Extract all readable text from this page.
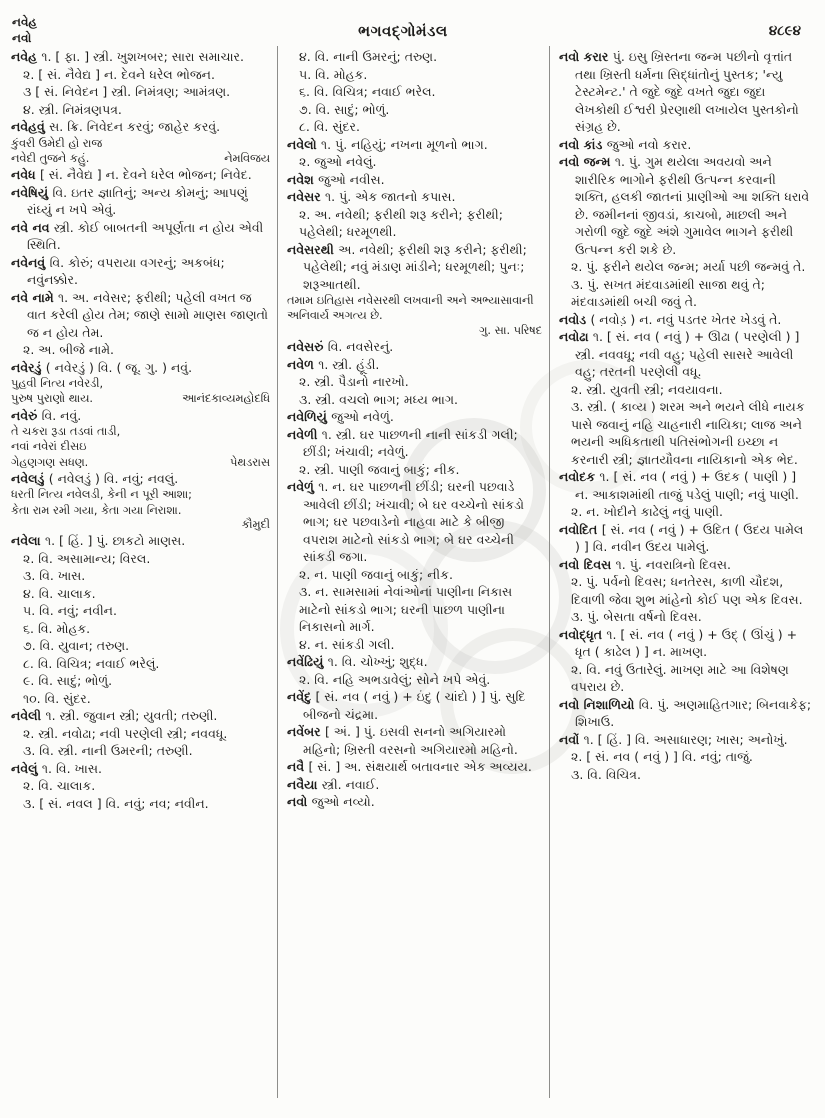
નવેહ
નવો	ભગવદ્ગોમંડલ	૪૮૯૪

નવેહ ૧. [ ફા. ] સ્ત્રી. ખુશખબર; સારા સમાચાર.

૨. [ સં. નૈવેદ્ય ] ન. દેવને ધરેલ ભોજન.

૩ [ સં. નિવેદન ] સ્ત્રી. નિમંત્રણ; આમંત્રણ.

૪. સ્ત્રી. નિમંત્રણપત્ર.

નવેહવું સ. ક્રિ. નિવેદન કરવું; જાહેર કરવું.

કુંવરી ઉમેદી હો રાજ

નવેદી તુજને કહું.	નેમવિજય

નવેધ [ સં. નૈવેદ્ય ] ન. દેવને ધરેલ ભોજન; નિવેદ.

નવેષિયું વિ. ઇતર જ્ઞાતિનું; અન્ય કોમનું; આપણું રાંધ્યું ન ખપે એવું.

નવે નવ સ્ત્રી. કોઈ બાબતની અપૂર્ણતા ન હોય એવી સ્થિતિ.

નવેનવું વિ. કોરું; વપરાયા વગરનું; અકબંધ; નવુંનક્કોર.

નવે નામે ૧. અ. નવેસર; ફરીથી; પહેલી વખત જ વાત કરેલી હોય તેમ; જાણે સામો માણસ જાણતો જ ન હોય તેમ.

૨. અ. બીજે નામે.

નવેરડું ( નવેરડું ) વિ. ( જૂ. ગુ. ) નવું.

પુહવી નિત્ય નવેરડી,

પુરુષ પુરાણો થાય.	આનંદકાવ્યમહોદધિ

નવેરું વિ. નવું.

તે ચકરા રૂડા તડવાં તાડી,

નવાં નવેરાં દીસઇ

ગેહણગણ સધણ.	પેથડરાસ

નવેલડું ( નવેલડું ) વિ. નવું; નવલું.

ધરતી નિત્ય નવેલડી, કેની ન પૂરી આશા;

કેતા રામ રમી ગયા, કેતા ગયા નિરાશા.

કૌમુદી

નવેલા ૧. [ હિં. ] પું. છાકટો માણસ.

૨. વિ. અસામાન્ય; વિરલ.

૩. વિ. ખાસ.

૪. વિ. ચાલાક.

૫. વિ. નવું; નવીન.

૬. વિ. મોહક.

૭. વિ. યુવાન; તરુણ.

૮. વિ. વિચિત્ર; નવાઈ ભરેલું.

૯. વિ. સાદું; ભોળું.

૧૦. વિ. સુંદર.

નવેલી ૧. સ્ત્રી. જુવાન સ્ત્રી; યુવતી; તરુણી.

૨. સ્ત્રી. નવોઢા; નવી પરણેલી સ્ત્રી; નવવધૂ.

૩. વિ. સ્ત્રી. નાની ઉમરની; તરુણી.

નવેલું ૧. વિ. ખાસ.

૨. વિ. ચાલાક.

૩. [ સં. નવલ ] વિ. નવું; નવ; નવીન.

૪. વિ. નાની ઉમરનું; તરુણ.

૫. વિ. મોહક.

૬. વિ. વિચિત્ર; નવાઈ ભરેલ.

૭. વિ. સાદું; ભોળું.

૮. વિ. સુંદર.

નવેલો ૧. પું. નહિયું; નખના મૂળનો ભાગ.

૨. જુઓ નવેલું.

નવેશ જુઓ નવીસ.

નવેસર ૧. પું. એક જાતનો કપાસ.

૨. અ. નવેથી; ફરીથી શરૂ કરીને; ફરીથી; પહેલેથી; ધરમૂળથી.

નવેસરથી અ. નવેથી; ફરીથી શરૂ કરીને; ફરીથી; પહેલેથી; નવું મંડાણ માંડીને; ધરમૂળથી; પુનઃ; શરૂઆતથી.

તમામ ઇતિહાસ નવેસરથી લખવાની અને અભ્યાસાવાની અનિવાર્ય અગત્ય છે.

ગુ. સા. પરિષદ

નવેસરું વિ. નવસેરનું.

નવેળ ૧. સ્ત્રી. હૂંડી.

૨. સ્ત્રી. પૈડાનો નારખો.

૩. સ્ત્રી. વચલો ભાગ; મધ્ય ભાગ.

નવેળિયું જુઓ નવેળું.

નવેળી ૧. સ્ત્રી. ઘર પાછળની નાની સાંકડી ગલી; છીંડી; ખંચાવી; નવેળું.

૨. સ્ત્રી. પાણી જવાનું બાકું; નીક.

નવેળું ૧. ન. ઘર પાછળની છીંડી; ઘરની પછવાડે આવેલી છીંડી; ખંચાવી; બે ઘર વચ્ચેનો સાંકડો ભાગ; ઘર પછવાડેનો નાહવા માટે કે બીજી વપરાશ માટેનો સાંકડો ભાગ; બે ઘર વચ્ચેની સાંકડી જગા.

૨. ન. પાણી જવાનું બાકું; નીક.

૩. ન. સામસામાં નેવાંઓનાં પાણીના નિકાસ માટેનો સાંકડો ભાગ; ઘરની પાછળ પાણીના નિકાસનો માર્ગ.

૪. ન. સાંકડી ગલી.

નવેંઢિયું ૧. વિ. ચોખ્ખું; શુદ્ધ.

૨. વિ. નહિ અભડાવેલું; સોને ખપે એવું.

નવેંદુ [ સં. નવ ( નવું ) + ઇંદુ ( ચાંદો ) ] પું. સુદિ બીજનો ચંદ્રમા.

નવેંબર [ અં. ] પું. ઇસવી સનનો અગિયારમો મહિનો; ખ્રિસ્તી વરસનો અગિયારમો મહિનો.

નવૈ [ સં. ] અ. સંક્ષયાર્થ બતાવનાર એક અવ્યય.

નવૈયા સ્ત્રી. નવાઈ.

નવો જુઓ નવ્યો.

નવો કરાર પું. ઇસુ ખ્રિસ્તના જન્મ પછીનો વૃત્તાંત તથા ખ્રિસ્તી ધર્મના સિદ્ધાંતોનું પુસ્તક; 'ન્યુ ટેસ્ટમેન્ટ.' તે જુદે જુદે વખતે જુદા જુદા લેખકોથી ઈશ્વરી પ્રેરણાથી લખાયેલ પુસ્તકોનો સંગ્રહ છે.

નવો કાંડ જુઓ નવો કરાર.

નવો જન્મ ૧. પું. ગુમ થયેલા અવયવો અને શારીરિક ભાગોને ફરીથી ઉત્પન્ન કરવાની શક્તિ, હલકી જાતનાં પ્રાણીઓ આ શક્તિ ધરાવે છે. જમીનનાં જીવડાં, કાચબો, માછલી અને ગરોળી જુદે જુદે અંશે ગુમાવેલ ભાગને ફરીથી ઉત્પન્ન કરી શકે છે.

૨. પું. ફરીને થયેલ જન્મ; મર્યા પછી જન્મવું તે.

૩. પું. સખત મંદવાડમાંથી સાજા થવું તે; મંદવાડમાંથી બચી જવું તે.

નવોડ ( નવોડ઼ ) ન. નવું પડતર ખેતર ખેડવું તે.

નવોઢા ૧. [ સં. નવ ( નવું ) + ઊઢા ( પરણેલી ) ] સ્ત્રી. નવવધૂ; નવી વહુ; પહેલી સાસરે આવેલી વહુ; તરતની પરણેલી વધૂ.

૨. સ્ત્રી. યુવતી સ્ત્રી; નવયાવના.

૩. સ્ત્રી. ( કાવ્ય ) શરમ અને ભયને લીધે નાયક પાસે જવાનું નહિ ચાહનારી નાયિકા; લાજ અને ભયની અધિકતાથી પતિસંભોગની ઇચ્છા ન કરનારી સ્ત્રી; જ્ઞાતયૌવના નાયિકાનો એક ભેદ.

નવોદક ૧. [ સં. નવ ( નવું ) + ઉદક ( પાણી ) ] ન. આકાશમાંથી તાજું પડેલું પાણી; નવું પાણી.

૨. ન. ખોદીને કાઢેલું નવું પાણી.

નવોદિત [ સં. નવ ( નવું ) + ઉદિત ( ઉદય પામેલ ) ] વિ. નવીન ઉદય પામેલું.

નવો દિવસ ૧. પું. નવરાત્રિનો દિવસ.

૨. પું. પર્વનો દિવસ; ધનતેરસ, કાળી ચૌદશ, દિવાળી જેવા શુભ માંહેનો કોઈ પણ એક દિવસ.

૩. પું. બેસતા વર્ષનો દિવસ.

નવોદ્ધૃત ૧. [ સં. નવ ( નવું ) + ઉદ્ ( ઊંચું ) + ધૃત ( કાઢેલ ) ] ન. માખણ.

૨. વિ. નવું ઉતારેલું. માખણ માટે આ વિશેષણ વપરાય છે.

નવો નિશાળિયો વિ. પું. અણમાહિતગાર; બિનવાકેફ; શિખાઉ.

નવોં ૧. [ હિં. ] વિ. અસાધારણ; ખાસ; અનોખું.

૨. [ સં. નવ ( નવું ) ] વિ. નવું; તાજું.

૩. વિ. વિચિત્ર.
